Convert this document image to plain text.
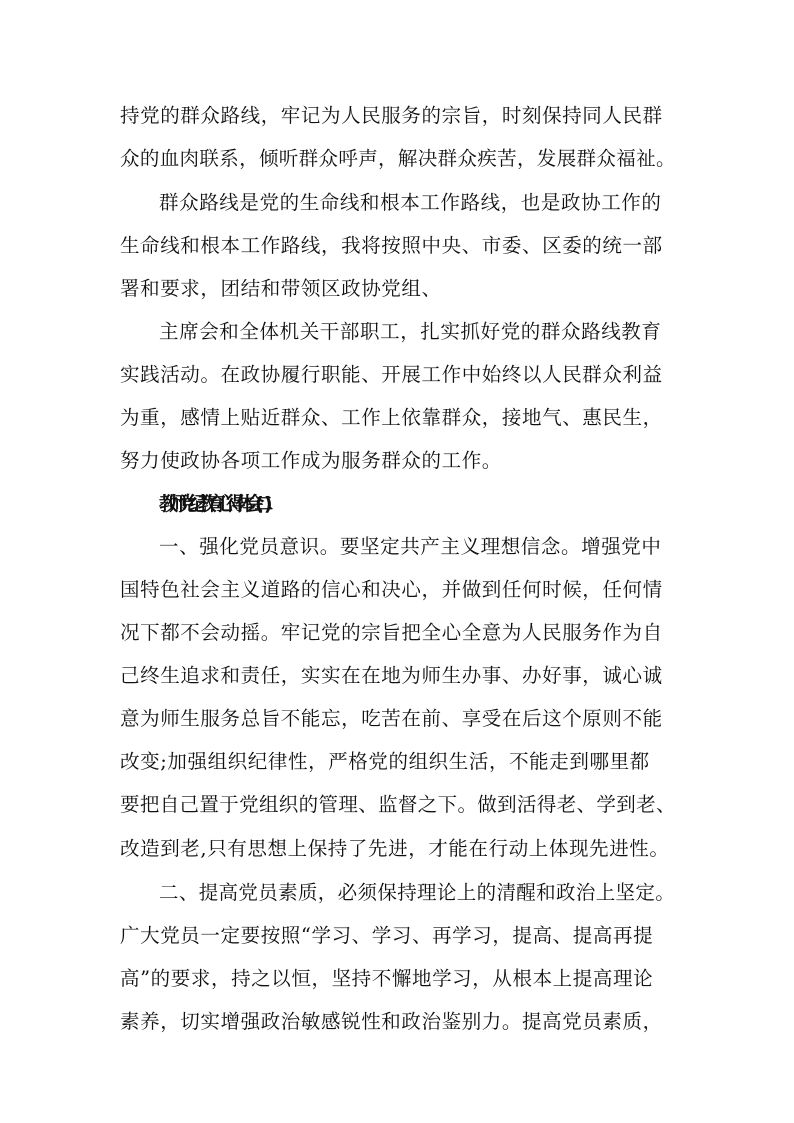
持党的群众路线，牢记为人民服务的宗旨，时刻保持同人民群
众的血肉联系，倾听群众呼声，解决群众疾苦，发展群众福祉。
群众路线是党的生命线和根本工作路线，也是政协工作的
生命线和根本工作路线，我将按照中央、市委、区委的统一部
署和要求，团结和带领区政协党组、
主席会和全体机关干部职工，扎实抓好党的群众路线教育
实践活动。在政协履行职能、开展工作中始终以人民群众利益
为重，感情上贴近群众、工作上依靠群众，接地气、惠民生，
努力使政协各项工作成为服务群众的工作。
教师党纪教育心得体会(二)
一、强化党员意识。要坚定共产主义理想信念。增强党中
国特色社会主义道路的信心和决心，并做到任何时候，任何情
况下都不会动摇。牢记党的宗旨把全心全意为人民服务作为自
己终生追求和责任，实实在在地为师生办事、办好事，诚心诚
意为师生服务总旨不能忘，吃苦在前、享受在后这个原则不能
改变;加强组织纪律性，严格党的组织生活，不能走到哪里都
要把自己置于党组织的管理、监督之下。做到活得老、学到老、
改造到老,只有思想上保持了先进，才能在行动上体现先进性。
二、提高党员素质，必须保持理论上的清醒和政治上坚定。
广大党员一定要按照“学习、学习、再学习，提高、提高再提
高”的要求，持之以恒，坚持不懈地学习，从根本上提高理论
素养，切实增强政治敏感锐性和政治鉴别力。提高党员素质，
